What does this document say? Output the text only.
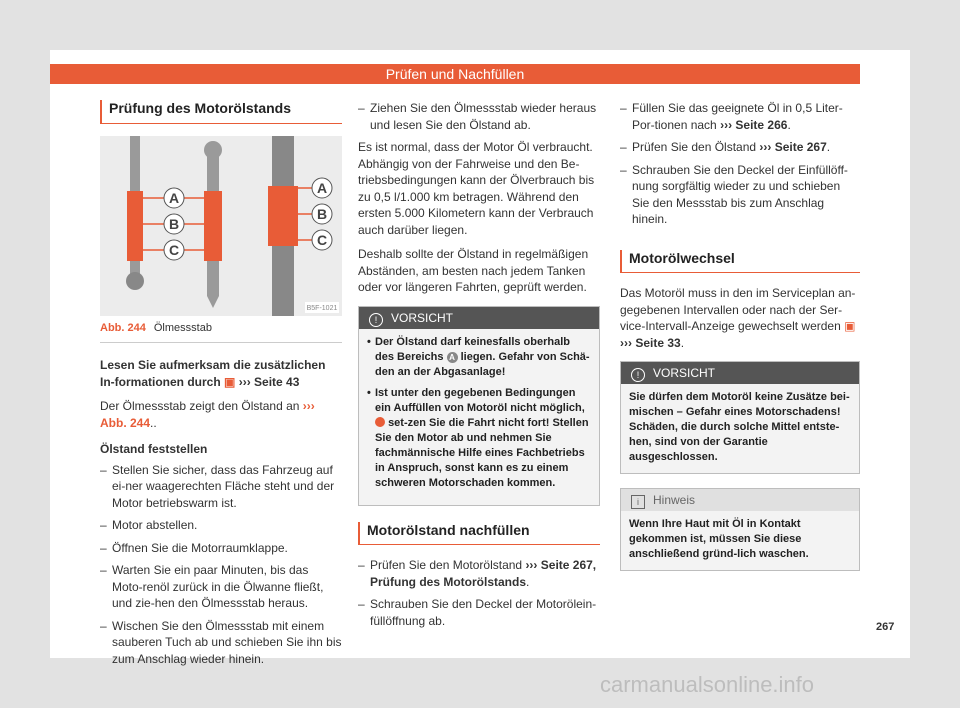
Prüfen und Nachfüllen
Prüfung des Motorölstands
A
B
C
A
B
C
B5F-1021
Abb. 244 Ölmessstab

Lesen Sie aufmerksam die zusätzlichen In-formationen durch ▣ ››› Seite 43

Der Ölmessstab zeigt den Ölstand an ››› Abb. 244..

Ölstand feststellen

– Stellen Sie sicher, dass das Fahrzeug auf ei-ner waagerechten Fläche steht und der Motor betriebswarm ist.
– Motor abstellen.
– Öffnen Sie die Motorraumklappe.
– Warten Sie ein paar Minuten, bis das Moto-renöl zurück in die Ölwanne fließt, und zie-hen den Ölmessstab heraus.
– Wischen Sie den Ölmessstab mit einem sauberen Tuch ab und schieben Sie ihn bis zum Anschlag wieder hinein.
– Ziehen Sie den Ölmessstab wieder heraus und lesen Sie den Ölstand ab.

Es ist normal, dass der Motor Öl verbraucht. Abhängig von der Fahrweise und den Be-triebsbedingungen kann der Ölverbrauch bis zu 0,5 l/1.000 km betragen. Während den ersten 5.000 Kilometern kann der Verbrauch auch darüber liegen.

Deshalb sollte der Ölstand in regelmäßigen Abständen, am besten nach jedem Tanken oder vor längeren Fahrten, geprüft werden.

! VORSICHT
• Der Ölstand darf keinesfalls oberhalb des Bereichs A liegen. Gefahr von Schä-den an der Abgasanlage!
• Ist unter den gegebenen Bedingungen ein Auffüllen von Motoröl nicht möglich,  set-zen Sie die Fahrt nicht fort! Stellen Sie den Motor ab und nehmen Sie fachmännische Hilfe eines Fachbetriebs in Anspruch, sonst kann es zu einem schweren Motorschaden kommen.
Motorölstand nachfüllen
– Prüfen Sie den Motorölstand ››› Seite 267, Prüfung des Motorölstands.
– Schrauben Sie den Deckel der Motorölein-füllöffnung ab.
– Füllen Sie das geeignete Öl in 0,5 Liter-Por-tionen nach ››› Seite 266.
– Prüfen Sie den Ölstand ››› Seite 267.
– Schrauben Sie den Deckel der Einfüllöff-nung sorgfältig wieder zu und schieben Sie den Messstab bis zum Anschlag hinein.
Motorölwechsel

Das Motoröl muss in den im Serviceplan an-gegebenen Intervallen oder nach der Ser-vice-Intervall-Anzeige gewechselt werden ▣ ››› Seite 33.

! VORSICHT
Sie dürfen dem Motoröl keine Zusätze bei-mischen – Gefahr eines Motorschadens! Schäden, die durch solche Mittel entste-hen, sind von der Garantie ausgeschlossen.
i Hinweis
Wenn Ihre Haut mit Öl in Kontakt gekommen ist, müssen Sie diese anschließend gründ-lich waschen.
267
carmanualsonline.info
